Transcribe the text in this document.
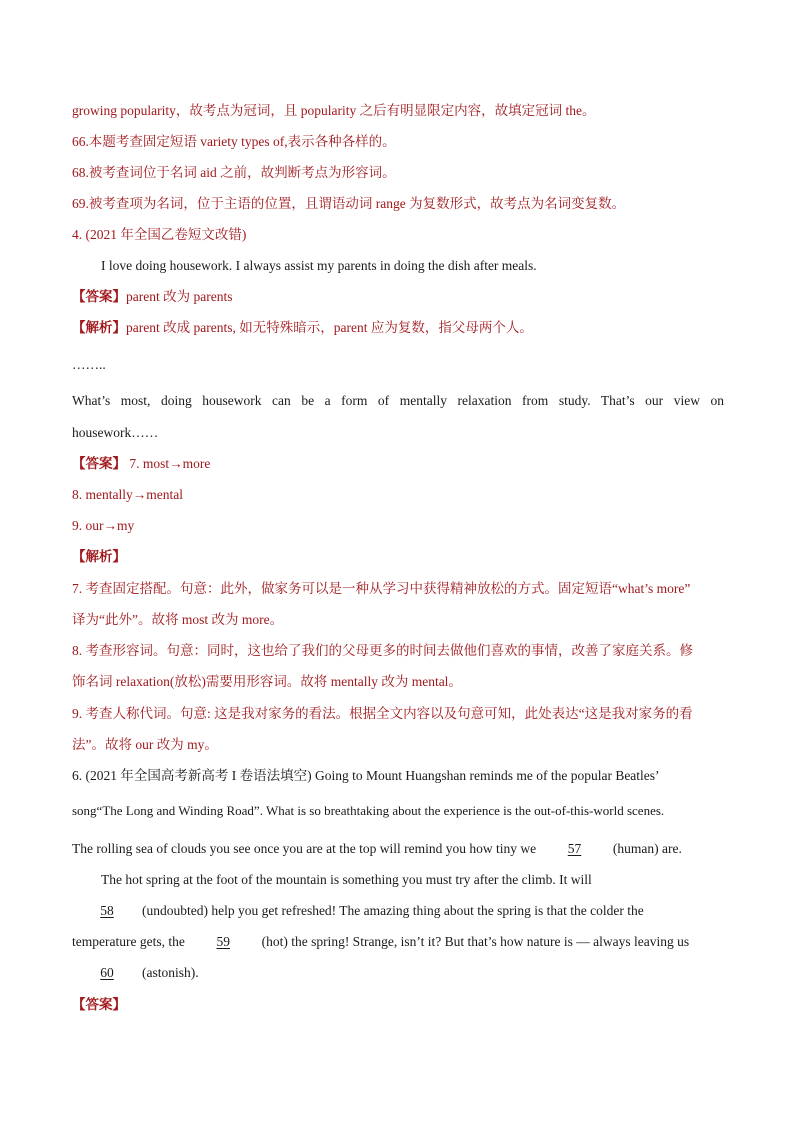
growing popularity，故考点为冠词，且 popularity 之后有明显限定内容，故填定冠词 the。
66.本题考查固定短语 variety types of,表示各种各样的。
68.被考查词位于名词 aid 之前，故判断考点为形容词。
69.被考查项为名词，位于主语的位置，且谓语动词 range 为复数形式，故考点为名词变复数。
4. (2021 年全国乙卷短文改错)
I love doing housework. I always assist my parents in doing the dish after meals.
【答案】parent 改为 parents
【解析】parent 改成 parents, 如无特殊暗示，parent 应为复数，指父母两个人。
……..
What’s most, doing housework can be a form of mentally relaxation from study. That’s our view on
housework……
【答案】 7. most→more
8. mentally→mental
9. our→my
【解析】
7. 考查固定搭配。句意：此外，做家务可以是一种从学习中获得精神放松的方式。固定短语“what’s more”
译为“此外”。故将 most 改为 more。
8. 考查形容词。句意：同时，这也给了我们的父母更多的时间去做他们喜欢的事情，改善了家庭关系。修
饰名词 relaxation(放松)需要用形容词。故将 mentally 改为 mental。
9. 考查人称代词。句意: 这是我对家务的看法。根据全文内容以及句意可知，此处表达“这是我对家务的看
法”。故将 our 改为 my。
6. (2021 年全国高考新高考 I 卷语法填空) Going to Mount Huangshan reminds me of the popular Beatles’
song“The Long and Winding Road”. What is so breathtaking about the experience is the out-of-this-world scenes.
The rolling sea of clouds you see once you are at the top will remind you how tiny we 57 (human) are.
The hot spring at the foot of the mountain is something you must try after the climb. It will
58 (undoubted) help you get refreshed! The amazing thing about the spring is that the colder the
temperature gets, the 59 (hot) the spring! Strange, isn’t it? But that’s how nature is — always leaving us
60 (astonish).
【答案】
